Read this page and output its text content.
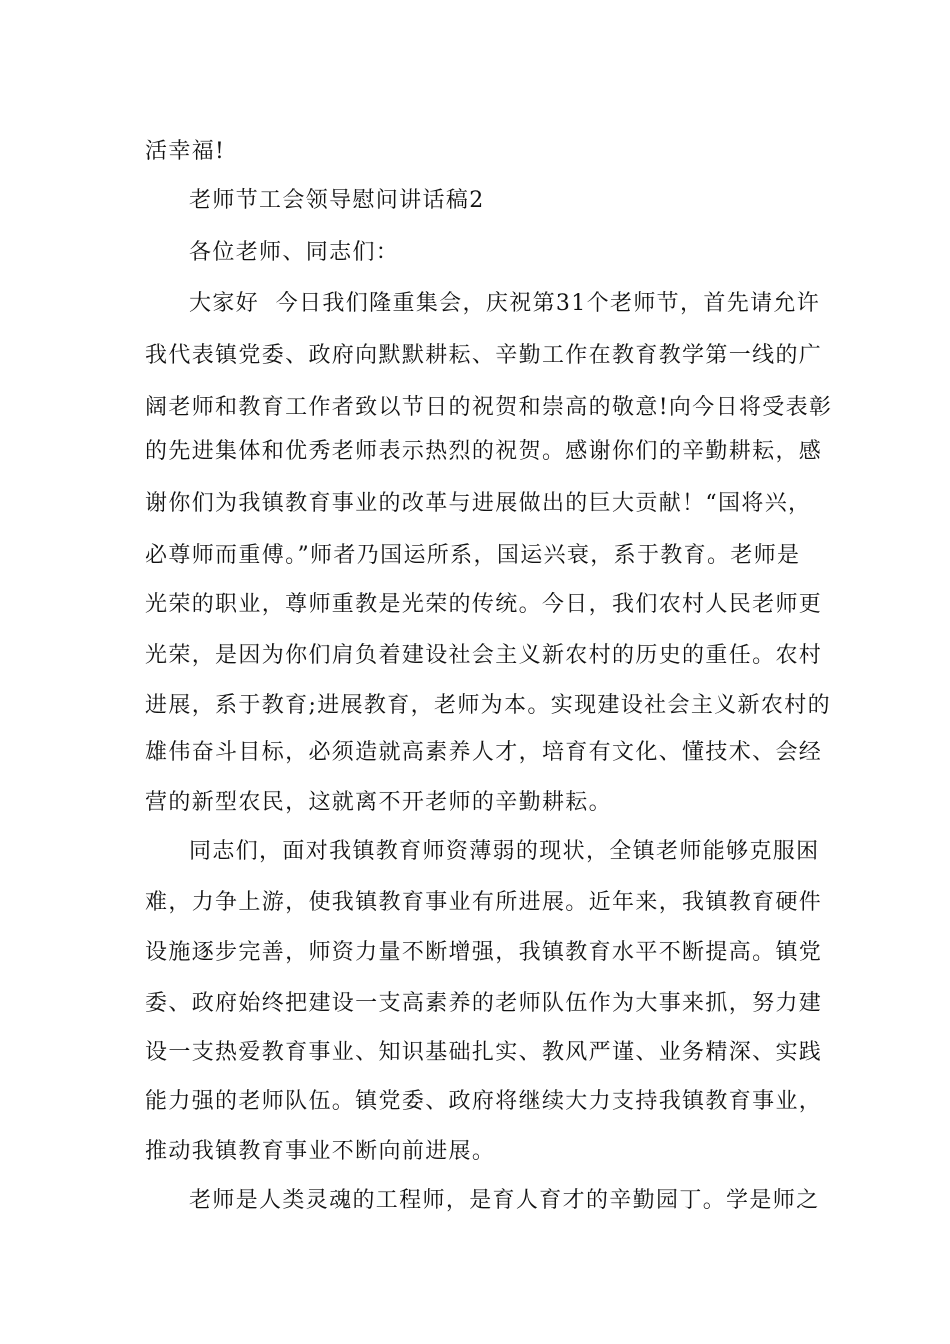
活幸福!
老师节工会领导慰问讲话稿2
各位老师、同志们：
大家好  今日我们隆重集会，庆祝第31个老师节，首先请允许
我代表镇党委、政府向默默耕耘、辛勤工作在教育教学第一线的广
阔老师和教育工作者致以节日的祝贺和崇高的敬意!向今日将受表彰
的先进集体和优秀老师表示热烈的祝贺。感谢你们的辛勤耕耘，感
谢你们为我镇教育事业的改革与进展做出的巨大贡献！“国将兴，
必尊师而重傅。”师者乃国运所系，国运兴衰，系于教育。老师是
光荣的职业，尊师重教是光荣的传统。今日，我们农村人民老师更
光荣，是因为你们肩负着建设社会主义新农村的历史的重任。农村
进展，系于教育;进展教育，老师为本。实现建设社会主义新农村的
雄伟奋斗目标，必须造就高素养人才，培育有文化、懂技术、会经
营的新型农民，这就离不开老师的辛勤耕耘。
同志们，面对我镇教育师资薄弱的现状，全镇老师能够克服困
难，力争上游，使我镇教育事业有所进展。近年来，我镇教育硬件
设施逐步完善，师资力量不断增强，我镇教育水平不断提高。镇党
委、政府始终把建设一支高素养的老师队伍作为大事来抓，努力建
设一支热爱教育事业、知识基础扎实、教风严谨、业务精深、实践
能力强的老师队伍。镇党委、政府将继续大力支持我镇教育事业，
推动我镇教育事业不断向前进展。
老师是人类灵魂的工程师，是育人育才的辛勤园丁。学是师之
